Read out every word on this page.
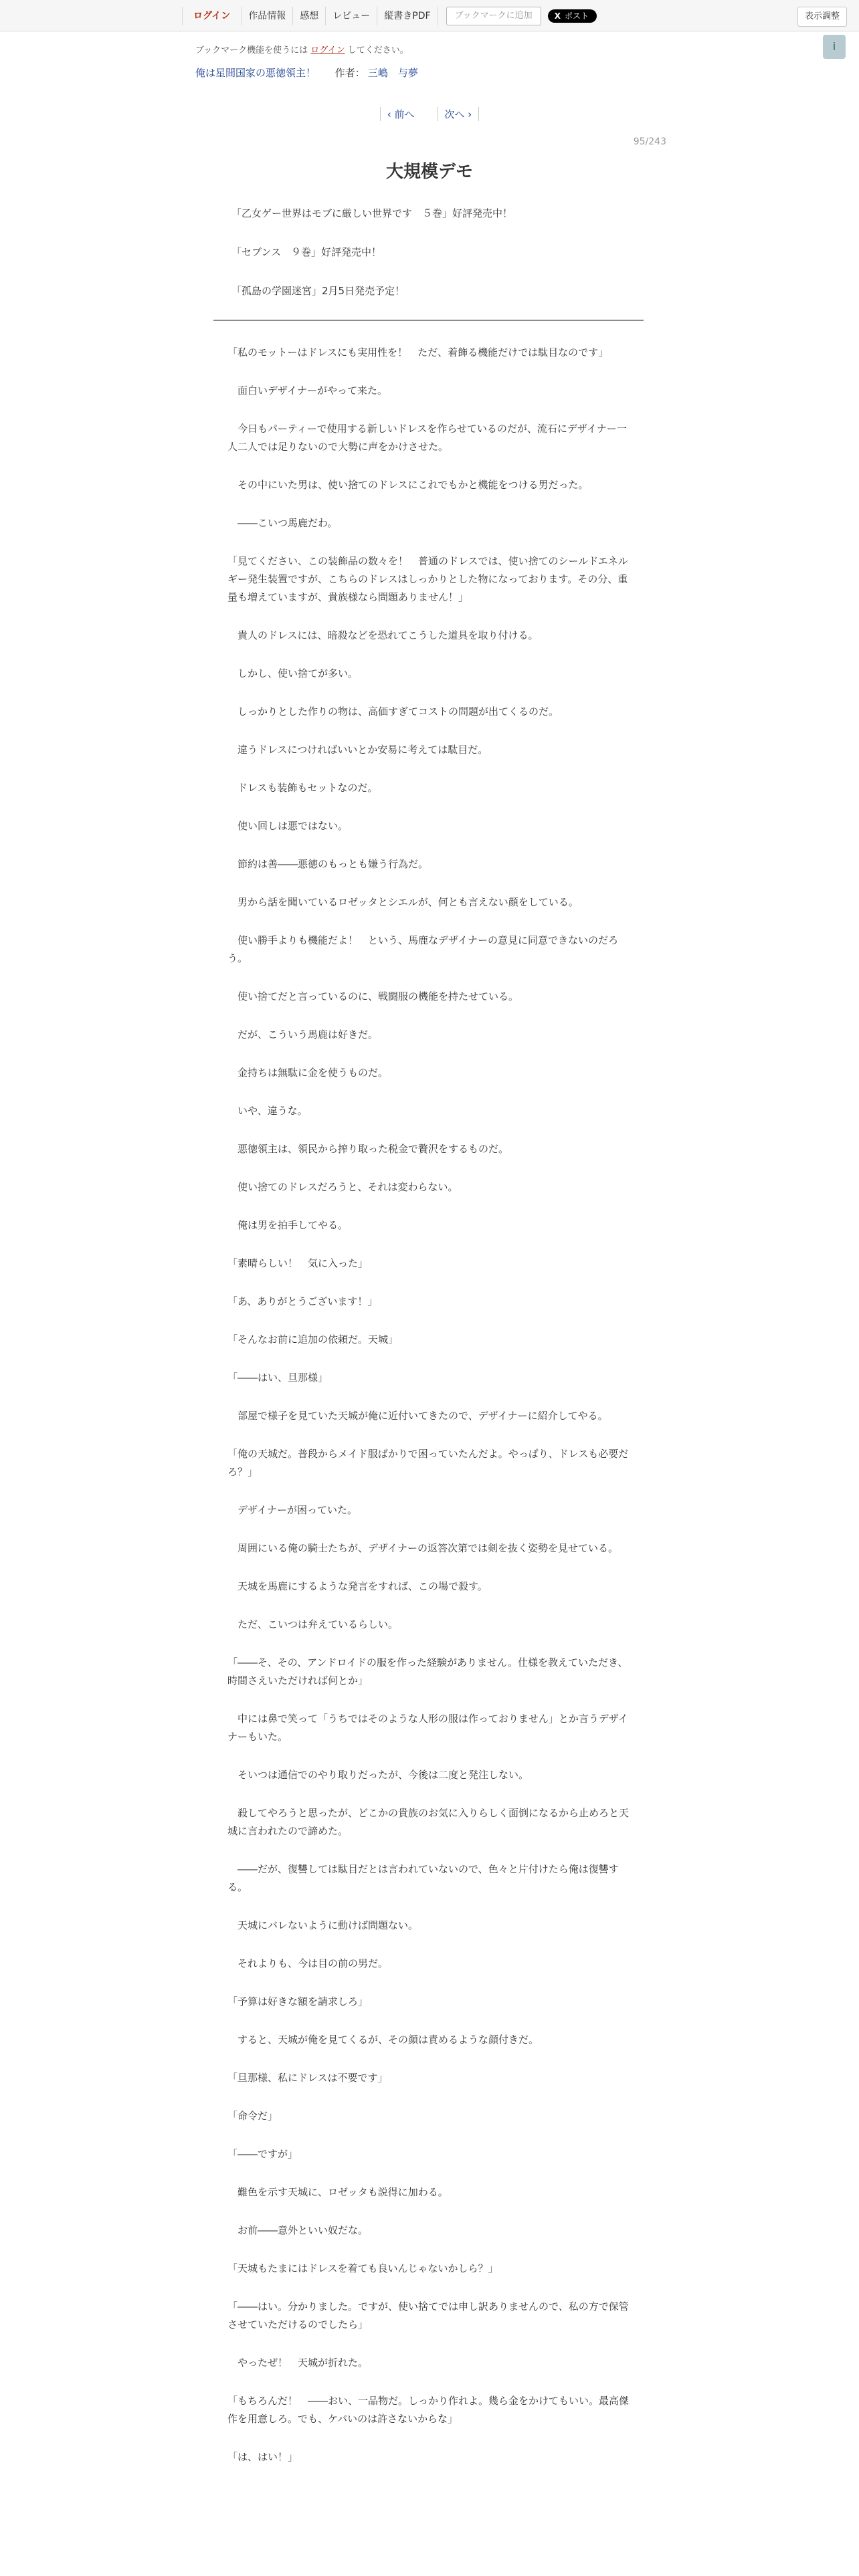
ログイン	作品情報	感想	レビュー	縦書きPDF	ブックマークに追加	X ポスト	表示調整
i
ブックマーク機能を使うには ログイン してください。
俺は星間国家の悪徳領主！ 作者： 三嶋　与夢
‹ 前へ	次へ ›
95/243
大規模デモ

「乙女ゲー世界はモブに厳しい世界です　５巻」好評発売中！

「セブンス　９巻」好評発売中！

「孤島の学園迷宮」2月5日発売予定！

「私のモットーはドレスにも実用性を！　ただ、着飾る機能だけでは駄目なのです」

面白いデザイナーがやって来た。

今日もパーティーで使用する新しいドレスを作らせているのだが、流石にデザイナー一人二人では足りないので大勢に声をかけさせた。

その中にいた男は、使い捨てのドレスにこれでもかと機能をつける男だった。

――こいつ馬鹿だわ。

「見てください、この装飾品の数々を！　普通のドレスでは、使い捨てのシールドエネルギー発生装置ですが、こちらのドレスはしっかりとした物になっております。その分、重量も増えていますが、貴族様なら問題ありません！」

貴人のドレスには、暗殺などを恐れてこうした道具を取り付ける。

しかし、使い捨てが多い。

しっかりとした作りの物は、高価すぎてコストの問題が出てくるのだ。

違うドレスにつければいいとか安易に考えては駄目だ。

ドレスも装飾もセットなのだ。

使い回しは悪ではない。

節約は善――悪徳のもっとも嫌う行為だ。

男から話を聞いているロゼッタとシエルが、何とも言えない顔をしている。

使い勝手よりも機能だよ！　という、馬鹿なデザイナーの意見に同意できないのだろう。

使い捨てだと言っているのに、戦闘服の機能を持たせている。

だが、こういう馬鹿は好きだ。

金持ちは無駄に金を使うものだ。

いや、違うな。

悪徳領主は、領民から搾り取った税金で贅沢をするものだ。

使い捨てのドレスだろうと、それは変わらない。

俺は男を拍手してやる。

「素晴らしい！　気に入った」

「あ、ありがとうございます！」

「そんなお前に追加の依頼だ。天城」

「――はい、旦那様」

部屋で様子を見ていた天城が俺に近付いてきたので、デザイナーに紹介してやる。

「俺の天城だ。普段からメイド服ばかりで困っていたんだよ。やっぱり、ドレスも必要だろ？」

デザイナーが困っていた。

周囲にいる俺の騎士たちが、デザイナーの返答次第では剣を抜く姿勢を見せている。

天城を馬鹿にするような発言をすれば、この場で殺す。

ただ、こいつは弁えているらしい。

「――そ、その、アンドロイドの服を作った経験がありません。仕様を教えていただき、時間さえいただければ何とか」

中には鼻で笑って「うちではそのような人形の服は作っておりません」とか言うデザイナーもいた。

そいつは通信でのやり取りだったが、今後は二度と発注しない。

殺してやろうと思ったが、どこかの貴族のお気に入りらしく面倒になるから止めろと天城に言われたので諦めた。

――だが、復讐しては駄目だとは言われていないので、色々と片付けたら俺は復讐する。

天城にバレないように動けば問題ない。

それよりも、今は目の前の男だ。

「予算は好きな額を請求しろ」

すると、天城が俺を見てくるが、その顔は責めるような顔付きだ。

「旦那様、私にドレスは不要です」

「命令だ」

「――ですが」

難色を示す天城に、ロゼッタも説得に加わる。

お前――意外といい奴だな。

「天城もたまにはドレスを着ても良いんじゃないかしら？」

「――はい。分かりました。ですが、使い捨てでは申し訳ありませんので、私の方で保管させていただけるのでしたら」

やったぜ！　天城が折れた。

「もちろんだ！　――おい、一品物だ。しっかり作れよ。幾ら金をかけてもいい。最高傑作を用意しろ。でも、ケバいのは許さないからな」

「は、はい！」
